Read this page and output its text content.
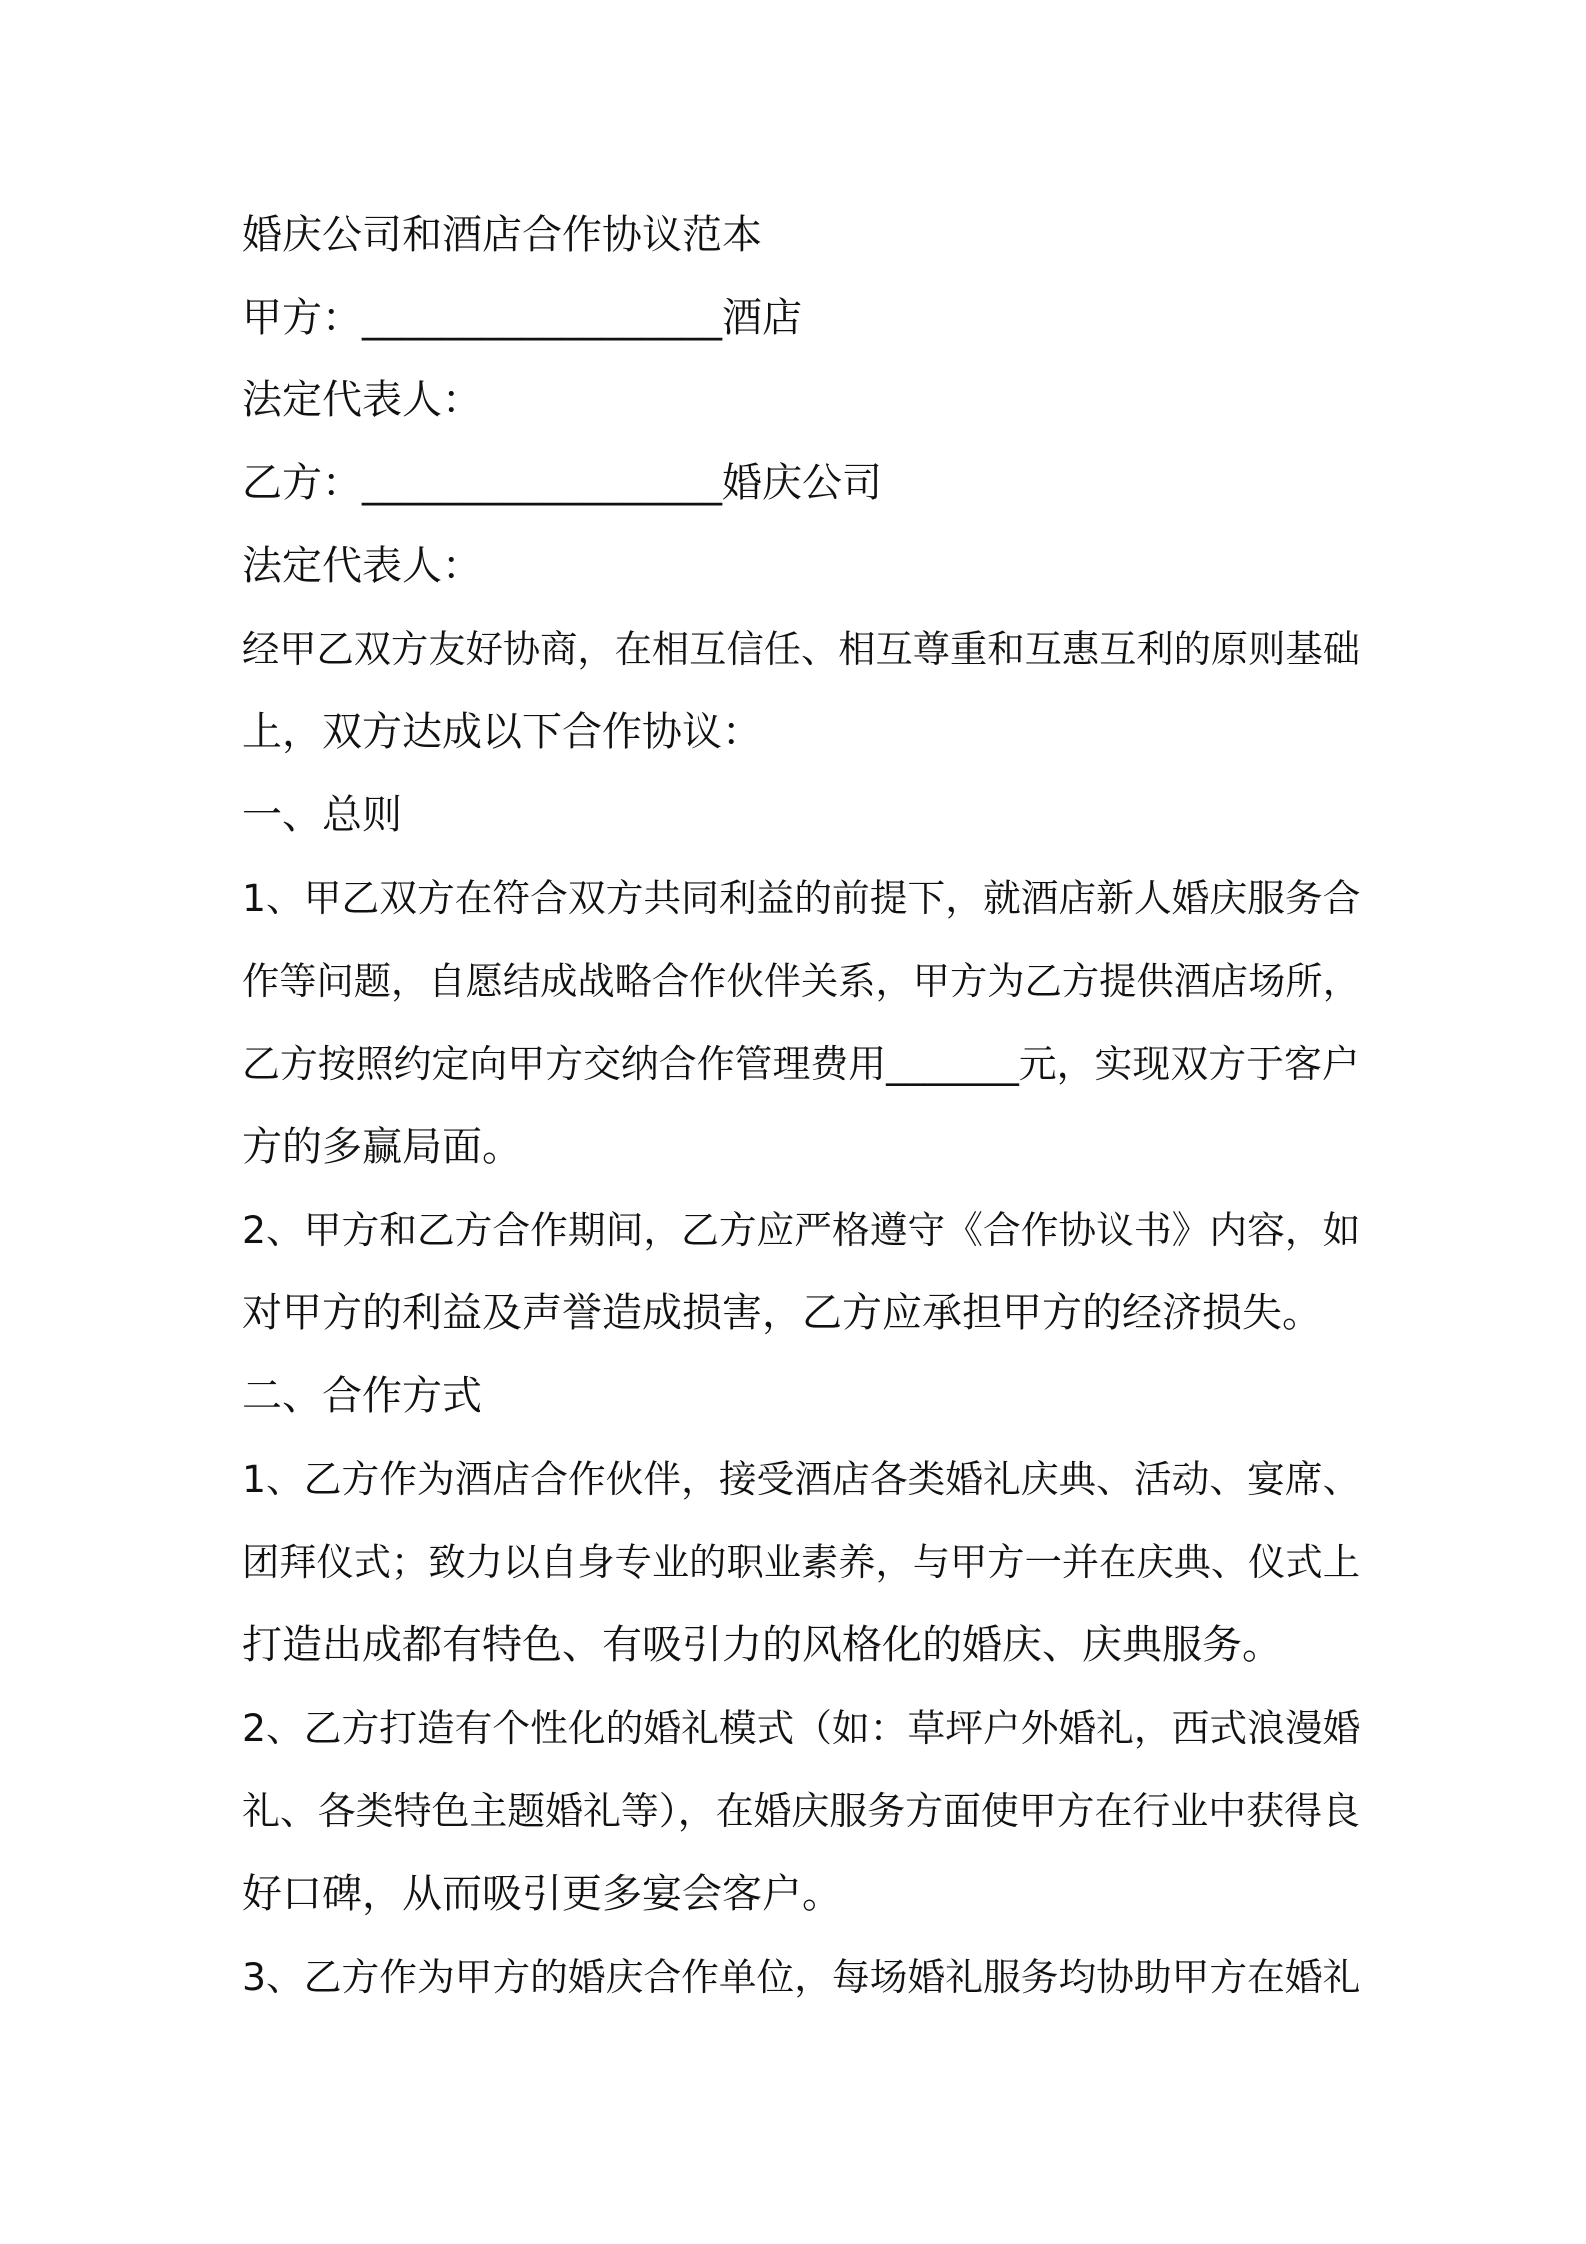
婚庆公司和酒店合作协议范本

甲方：__________________酒店

法定代表人：

乙方：__________________婚庆公司

法定代表人：

经甲乙双方友好协商，在相互信任、相互尊重和互惠互利的原则基础

上，双方达成以下合作协议：

一、总则

1、甲乙双方在符合双方共同利益的前提下，就酒店新人婚庆服务合

作等问题，自愿结成战略合作伙伴关系，甲方为乙方提供酒店场所，

乙方按照约定向甲方交纳合作管理费用_______元，实现双方于客户

方的多赢局面。

2、甲方和乙方合作期间，乙方应严格遵守《合作协议书》内容，如

对甲方的利益及声誉造成损害，乙方应承担甲方的经济损失。

二、合作方式

1、乙方作为酒店合作伙伴，接受酒店各类婚礼庆典、活动、宴席、

团拜仪式；致力以自身专业的职业素养，与甲方一并在庆典、仪式上

打造出成都有特色、有吸引力的风格化的婚庆、庆典服务。

2、乙方打造有个性化的婚礼模式（如：草坪户外婚礼，西式浪漫婚

礼、各类特色主题婚礼等），在婚庆服务方面使甲方在行业中获得良

好口碑，从而吸引更多宴会客户。

3、乙方作为甲方的婚庆合作单位，每场婚礼服务均协助甲方在婚礼
